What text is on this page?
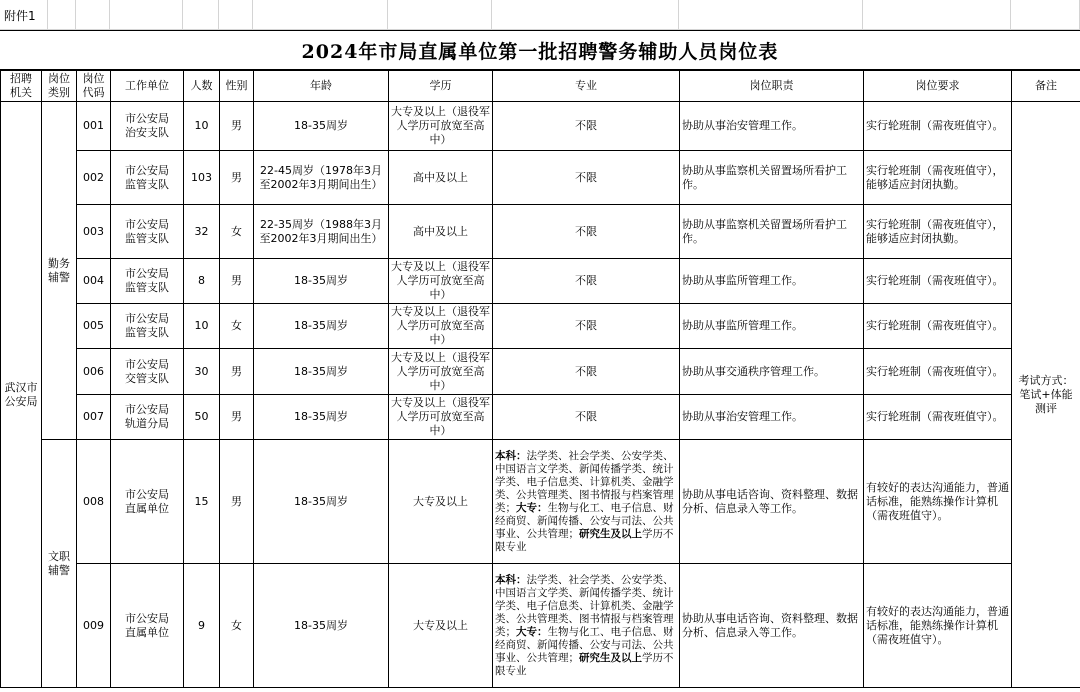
附件1
2024年市局直属单位第一批招聘警务辅助人员岗位表
招聘机关	岗位类别	岗位代码	工作单位	人数	性别	年龄	学历	专业	岗位职责	岗位要求	备注
武汉市公安局	勤务辅警	001	市公安局治安支队	10	男	18-35周岁	大专及以上（退役军人学历可放宽至高中）	不限	协助从事治安管理工作。	实行轮班制（需夜班值守）。	考试方式：笔试+体能测评
		002	市公安局监管支队	103	男	22-45周岁（1978年3月至2002年3月期间出生）	高中及以上	不限	协助从事监察机关留置场所看护工作。	实行轮班制（需夜班值守），能够适应封闭执勤。	
		003	市公安局监管支队	32	女	22-35周岁（1988年3月至2002年3月期间出生）	高中及以上	不限	协助从事监察机关留置场所看护工作。	实行轮班制（需夜班值守），能够适应封闭执勤。	
		004	市公安局监管支队	8	男	18-35周岁	大专及以上（退役军人学历可放宽至高中）	不限	协助从事监所管理工作。	实行轮班制（需夜班值守）。	
		005	市公安局监管支队	10	女	18-35周岁	大专及以上（退役军人学历可放宽至高中）	不限	协助从事监所管理工作。	实行轮班制（需夜班值守）。	
		006	市公安局交管支队	30	男	18-35周岁	大专及以上（退役军人学历可放宽至高中）	不限	协助从事交通秩序管理工作。	实行轮班制（需夜班值守）。	
		007	市公安局轨道分局	50	男	18-35周岁	大专及以上（退役军人学历可放宽至高中）	不限	协助从事治安管理工作。	实行轮班制（需夜班值守）。	
	文职辅警	008	市公安局直属单位	15	男	18-35周岁	大专及以上	本科：法学类、社会学类、公安学类、中国语言文学类、新闻传播学类、统计学类、电子信息类、计算机类、金融学类、公共管理类、图书情报与档案管理类；大专：生物与化工、电子信息、财经商贸、新闻传播、公安与司法、公共事业、公共管理；研究生及以上学历不限专业	协助从事电话咨询、资料整理、数据分析、信息录入等工作。	有较好的表达沟通能力，普通话标准，能熟练操作计算机（需夜班值守）。	
		009	市公安局直属单位	9	女	18-35周岁	大专及以上	本科：法学类、社会学类、公安学类、中国语言文学类、新闻传播学类、统计学类、电子信息类、计算机类、金融学类、公共管理类、图书情报与档案管理类；大专：生物与化工、电子信息、财经商贸、新闻传播、公安与司法、公共事业、公共管理；研究生及以上学历不限专业	协助从事电话咨询、资料整理、数据分析、信息录入等工作。	有较好的表达沟通能力，普通话标准，能熟练操作计算机（需夜班值守）。	
